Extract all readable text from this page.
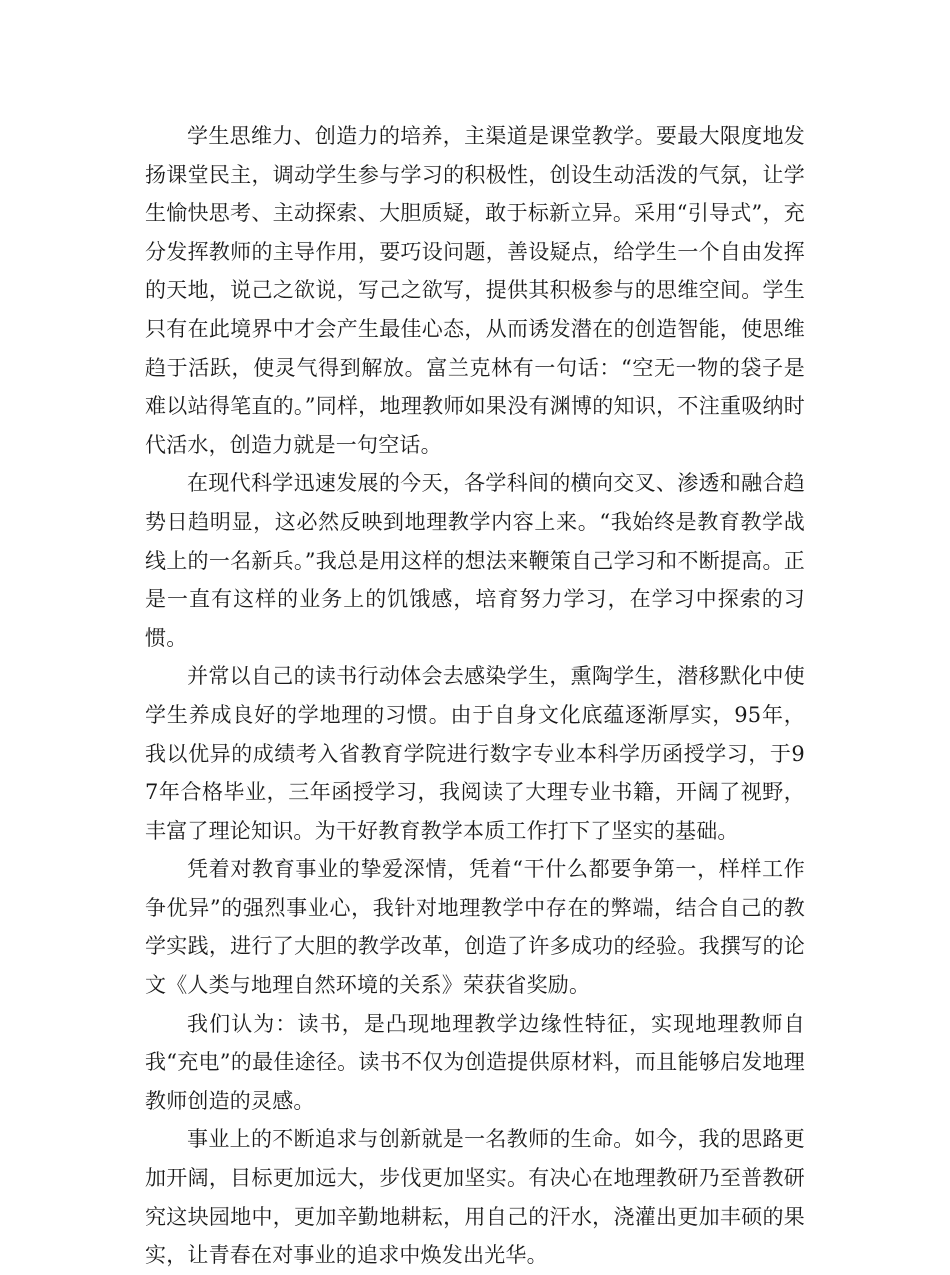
学生思维力、创造力的培养，主渠道是课堂教学。要最大限度地发扬课堂民主，调动学生参与学习的积极性，创设生动活泼的气氛，让学生愉快思考、主动探索、大胆质疑，敢于标新立异。采用“引导式”，充分发挥教师的主导作用，要巧设问题，善设疑点，给学生一个自由发挥的天地，说己之欲说，写己之欲写，提供其积极参与的思维空间。学生只有在此境界中才会产生最佳心态，从而诱发潜在的创造智能，使思维趋于活跃，使灵气得到解放。富兰克林有一句话：“空无一物的袋子是难以站得笔直的。”同样，地理教师如果没有渊博的知识，不注重吸纳时代活水，创造力就是一句空话。

在现代科学迅速发展的今天，各学科间的横向交叉、渗透和融合趋势日趋明显，这必然反映到地理教学内容上来。“我始终是教育教学战线上的一名新兵。”我总是用这样的想法来鞭策自己学习和不断提高。正是一直有这样的业务上的饥饿感，培育努力学习，在学习中探索的习惯。

并常以自己的读书行动体会去感染学生，熏陶学生，潜移默化中使学生养成良好的学地理的习惯。由于自身文化底蕴逐渐厚实，95年，我以优异的成绩考入省教育学院进行数字专业本科学历函授学习，于97年合格毕业，三年函授学习，我阅读了大理专业书籍，开阔了视野，丰富了理论知识。为干好教育教学本质工作打下了坚实的基础。

凭着对教育事业的挚爱深情，凭着“干什么都要争第一，样样工作争优异”的强烈事业心，我针对地理教学中存在的弊端，结合自己的教学实践，进行了大胆的教学改革，创造了许多成功的经验。我撰写的论文《人类与地理自然环境的关系》荣获省奖励。

我们认为：读书，是凸现地理教学边缘性特征，实现地理教师自我“充电”的最佳途径。读书不仅为创造提供原材料，而且能够启发地理教师创造的灵感。

事业上的不断追求与创新就是一名教师的生命。如今，我的思路更加开阔，目标更加远大，步伐更加坚实。有决心在地理教研乃至普教研究这块园地中，更加辛勤地耕耘，用自己的汗水，浇灌出更加丰硕的果实，让青春在对事业的追求中焕发出光华。
